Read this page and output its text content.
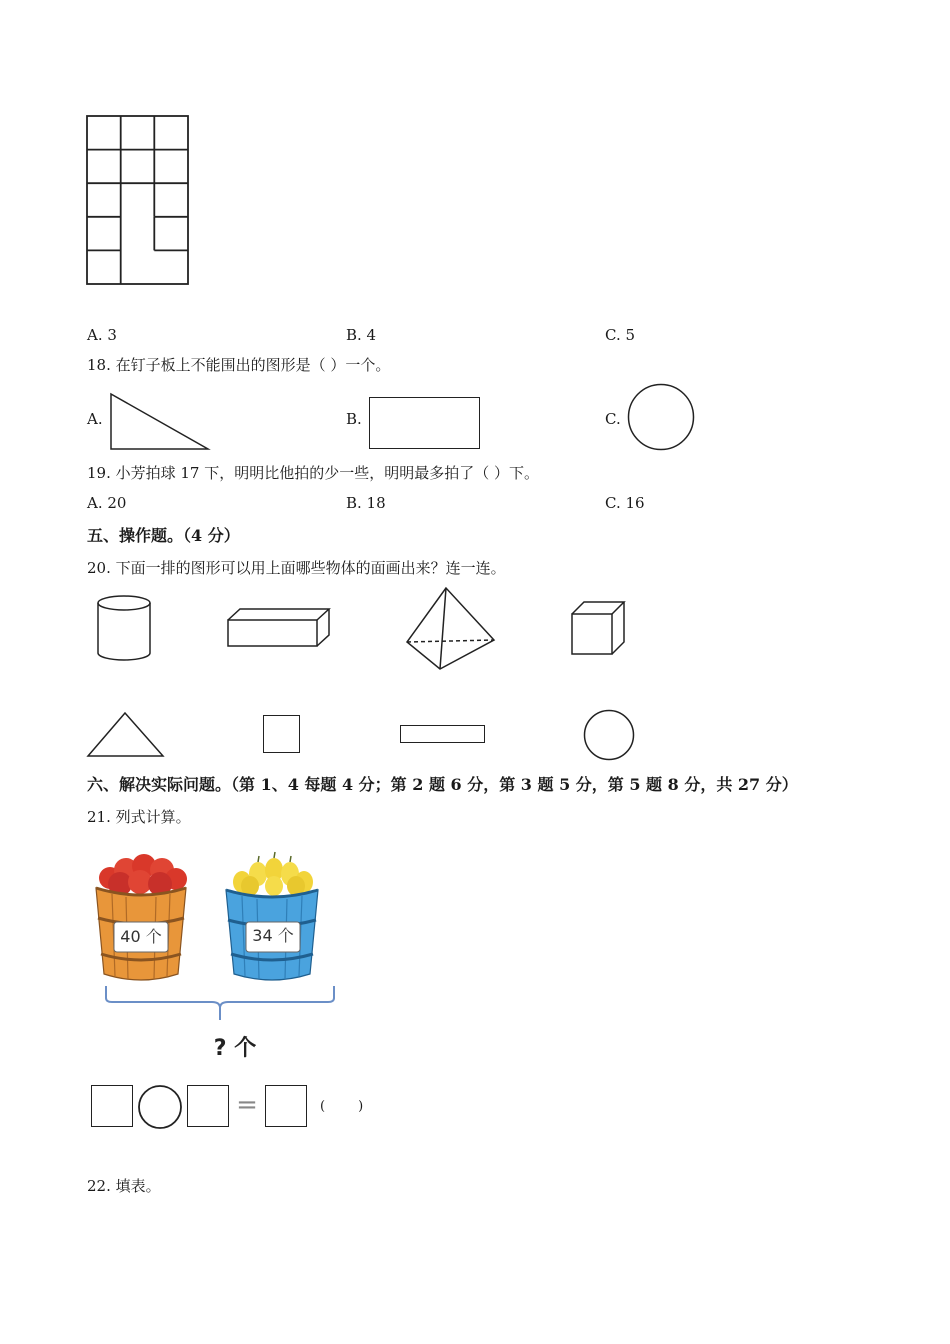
A. 3	B. 4	C. 5
18. 在钉子板上不能围出的图形是（ ）一个。
A.	B.	C.
19. 小芳拍球 17 下，明明比他拍的少一些，明明最多拍了（ ）下。
A. 20	B. 18	C. 16
五、操作题。（4 分）
20. 下面一排的图形可以用上面哪些物体的面画出来？连一连。
六、解决实际问题。（第 1、4 每题 4 分；第 2 题 6 分，第 3 题 5 分，第 5 题 8 分，共 27 分）
21. 列式计算。
40 个	34 个
? 个
=	(        )
22. 填表。
